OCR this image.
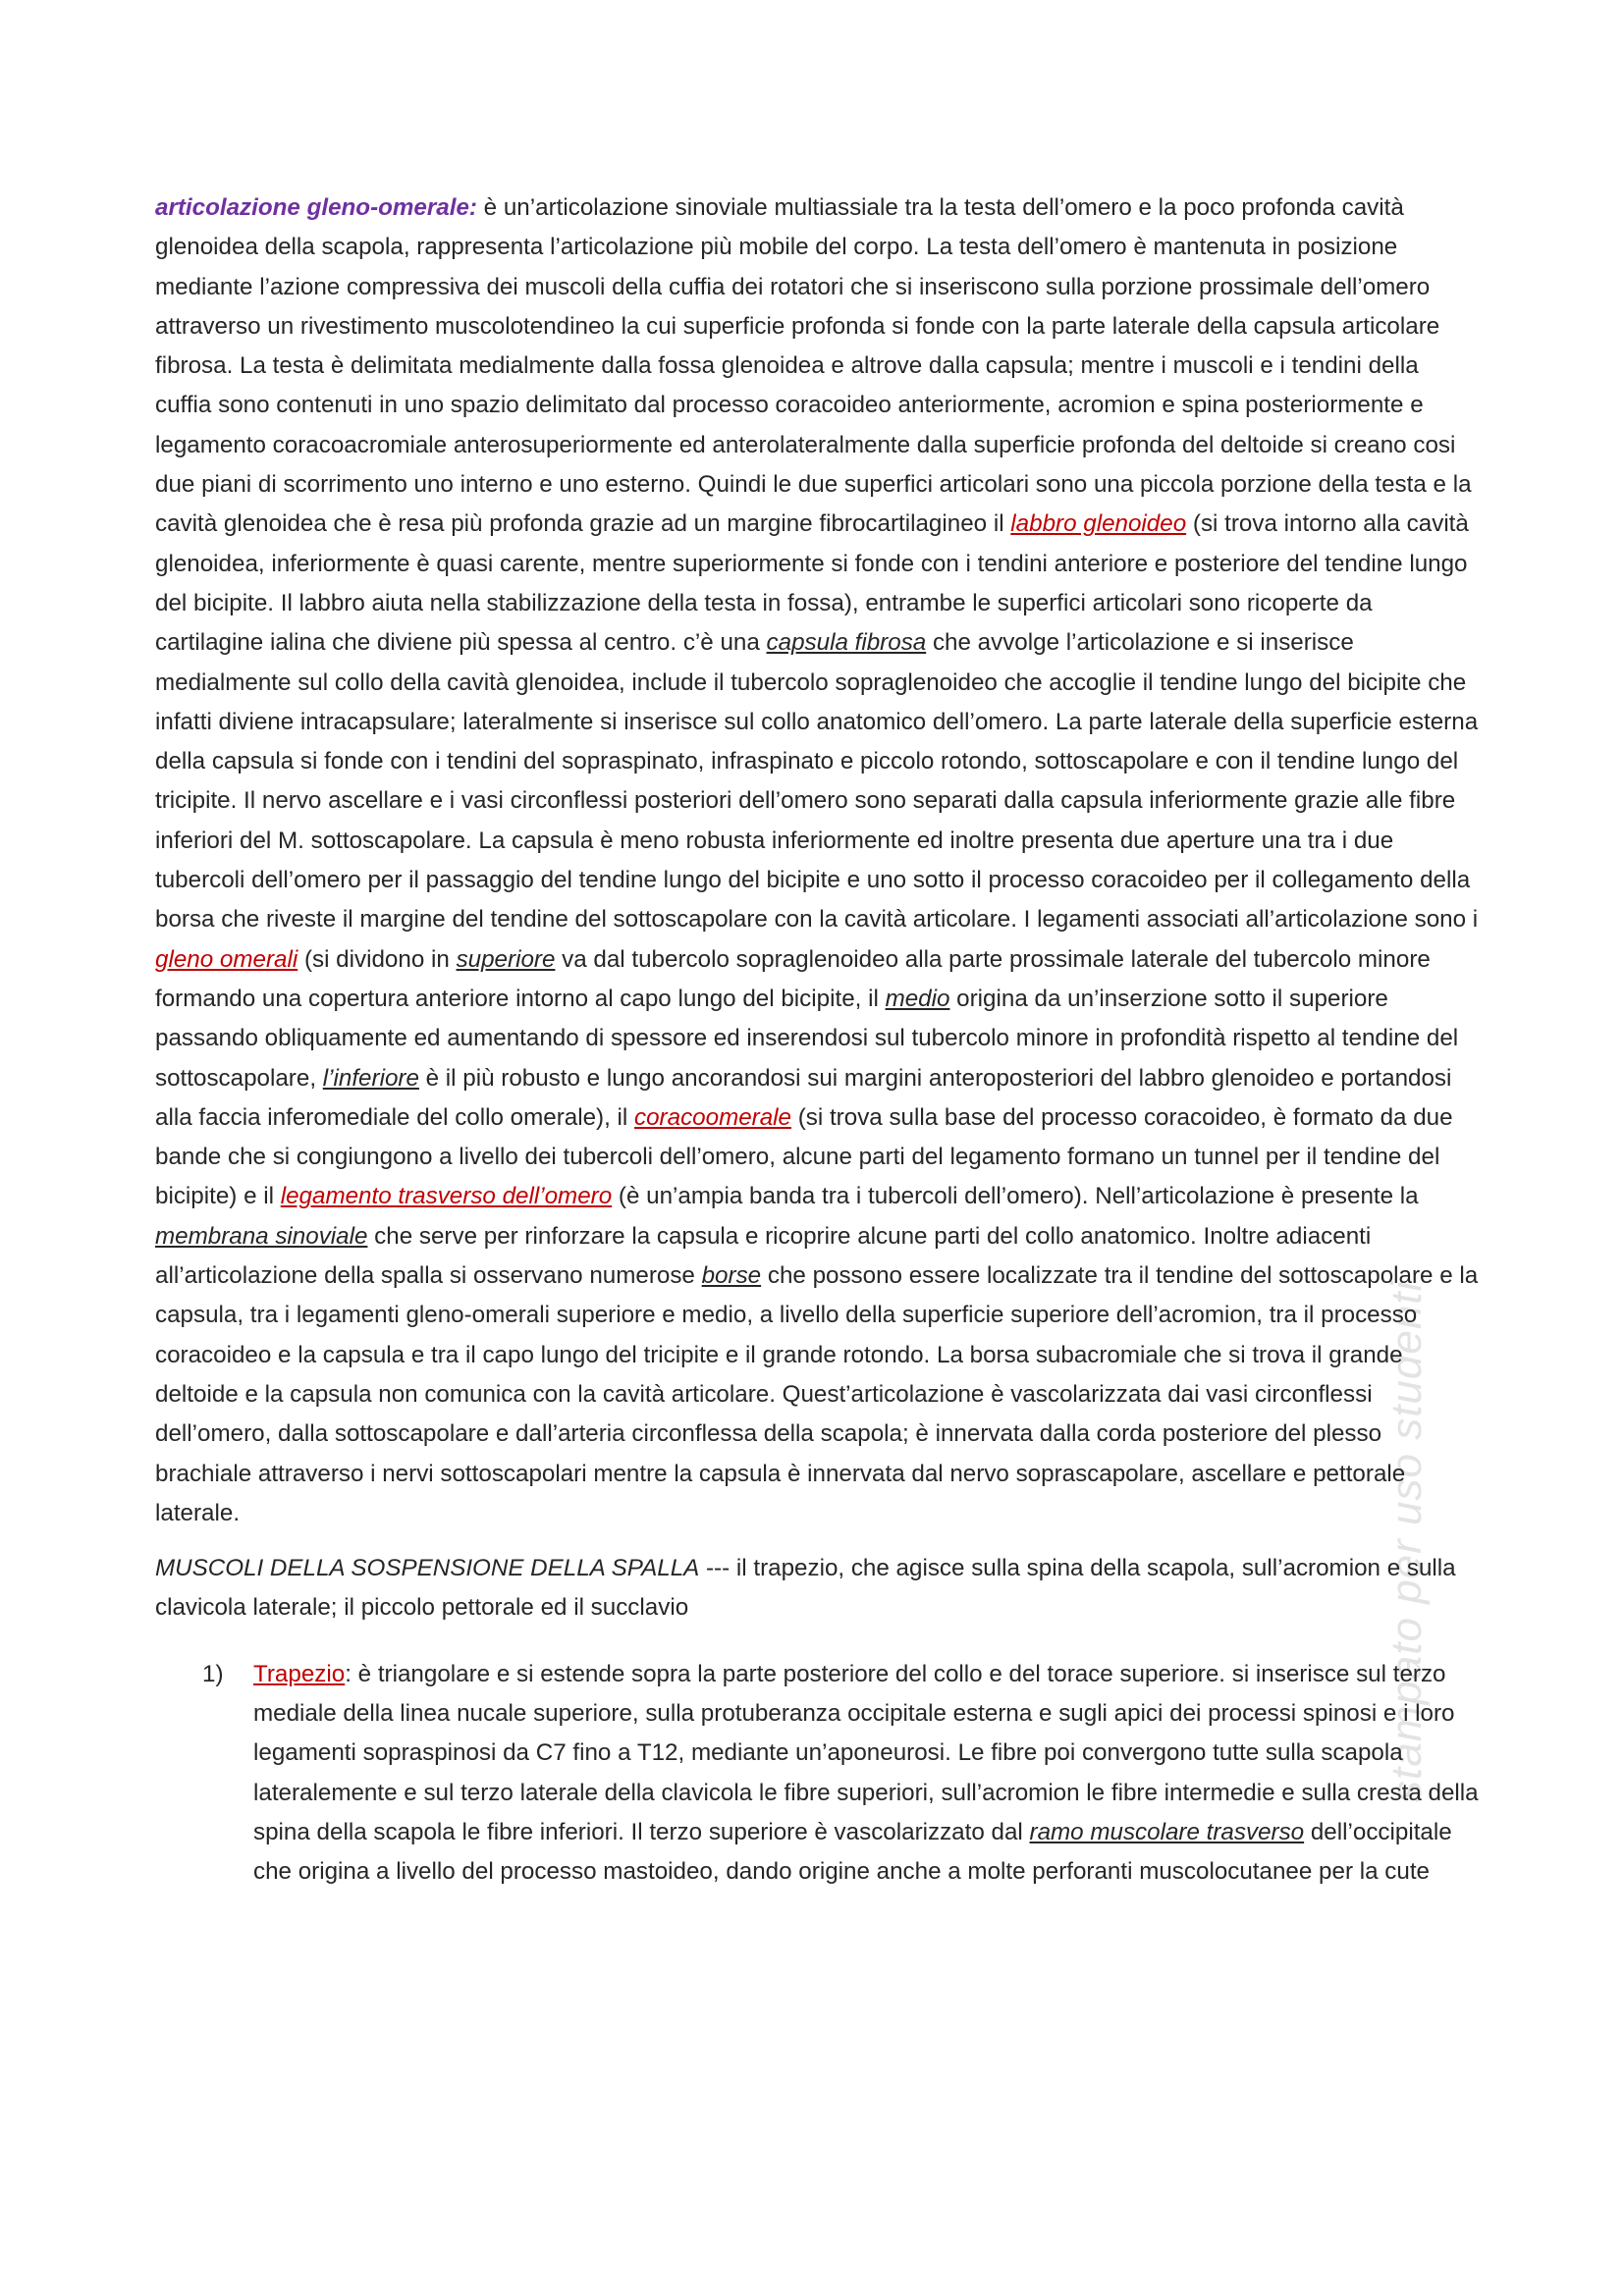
stampato per uso studenti

articolazione gleno-omerale: è un’articolazione sinoviale multiassiale tra la testa dell’omero e la poco profonda cavità glenoidea della scapola, rappresenta l’articolazione più mobile del corpo. La testa dell’omero è mantenuta in posizione mediante l’azione compressiva dei muscoli della cuffia dei rotatori che si inseriscono sulla porzione prossimale dell’omero attraverso un rivestimento muscolotendineo la cui superficie profonda si fonde con la parte laterale della capsula articolare fibrosa. La testa è delimitata medialmente dalla fossa glenoidea e altrove dalla capsula; mentre i muscoli e i tendini della cuffia sono contenuti in uno spazio delimitato dal processo coracoideo anteriormente, acromion e spina posteriormente e legamento coracoacromiale anterosuperiormente ed anterolateralmente dalla superficie profonda del deltoide si creano cosi due piani di scorrimento uno interno e uno esterno. Quindi le due superfici articolari sono una piccola porzione della testa e la cavità glenoidea che è resa più profonda grazie ad un margine fibrocartilagineo il labbro glenoideo (si trova intorno alla cavità glenoidea, inferiormente è quasi carente, mentre superiormente si fonde con i tendini anteriore e posteriore del tendine lungo del bicipite. Il labbro aiuta nella stabilizzazione della testa in fossa), entrambe le superfici articolari sono ricoperte da cartilagine ialina che diviene più spessa al centro. c’è una capsula fibrosa che avvolge l’articolazione e si inserisce medialmente sul collo della cavità glenoidea, include il tubercolo sopraglenoideo che accoglie il tendine lungo del bicipite che infatti diviene intracapsulare; lateralmente si inserisce sul collo anatomico dell’omero. La parte laterale della superficie esterna della capsula si fonde con i tendini del sopraspinato, infraspinato e piccolo rotondo, sottoscapolare e con il tendine lungo del tricipite. Il nervo ascellare e i vasi circonflessi posteriori dell’omero sono separati dalla capsula inferiormente grazie alle fibre inferiori del M. sottoscapolare. La capsula è meno robusta inferiormente ed inoltre presenta due aperture una tra i due tubercoli dell’omero per il passaggio del tendine lungo del bicipite e uno sotto il processo coracoideo per il collegamento della borsa che riveste il margine del tendine del sottoscapolare con la cavità articolare. I legamenti associati all’articolazione sono i gleno omerali (si dividono in superiore va dal tubercolo sopraglenoideo alla parte prossimale laterale del tubercolo minore formando una copertura anteriore intorno al capo lungo del bicipite, il medio origina da un’inserzione sotto il superiore passando obliquamente ed aumentando di spessore ed inserendosi sul tubercolo minore in profondità rispetto al tendine del sottoscapolare, l’inferiore è il più robusto e lungo ancorandosi sui margini anteroposteriori del labbro glenoideo e portandosi alla faccia inferomediale del collo omerale), il coracoomerale (si trova sulla base del processo coracoideo, è formato da due bande che si congiungono a livello dei tubercoli dell’omero, alcune parti del legamento formano un tunnel per il tendine del bicipite) e il legamento trasverso dell’omero (è un’ampia banda tra i tubercoli dell’omero). Nell’articolazione è presente la membrana sinoviale che serve per rinforzare la capsula e ricoprire alcune parti del collo anatomico. Inoltre adiacenti all’articolazione della spalla si osservano numerose borse che possono essere localizzate tra il tendine del sottoscapolare e la capsula, tra i legamenti gleno-omerali superiore e medio, a livello della superficie superiore dell’acromion, tra il processo coracoideo e la capsula e tra il capo lungo del tricipite e il grande rotondo. La borsa subacromiale che si trova il grande deltoide e la capsula non comunica con la cavità articolare. Quest’articolazione è vascolarizzata dai vasi circonflessi dell’omero, dalla sottoscapolare e dall’arteria circonflessa della scapola; è innervata dalla corda posteriore del plesso brachiale attraverso i nervi sottoscapolari mentre la capsula è innervata dal nervo soprascapolare, ascellare e pettorale laterale.

MUSCOLI DELLA SOSPENSIONE DELLA SPALLA --- il trapezio, che agisce sulla spina della scapola, sull’acromion e sulla clavicola laterale; il piccolo pettorale ed il succlavio

1) Trapezio: è triangolare e si estende sopra la parte posteriore del collo e del torace superiore. si inserisce sul terzo mediale della linea nucale superiore, sulla protuberanza occipitale esterna e sugli apici dei processi spinosi e i loro legamenti sopraspinosi da C7 fino a T12, mediante un’aponeurosi. Le fibre poi convergono tutte sulla scapola lateralemente e sul terzo laterale della clavicola le fibre superiori, sull’acromion le fibre intermedie e sulla cresta della spina della scapola le fibre inferiori. Il terzo superiore è vascolarizzato dal ramo muscolare trasverso dell’occipitale che origina a livello del processo mastoideo, dando origine anche a molte perforanti muscolocutanee per la cute
